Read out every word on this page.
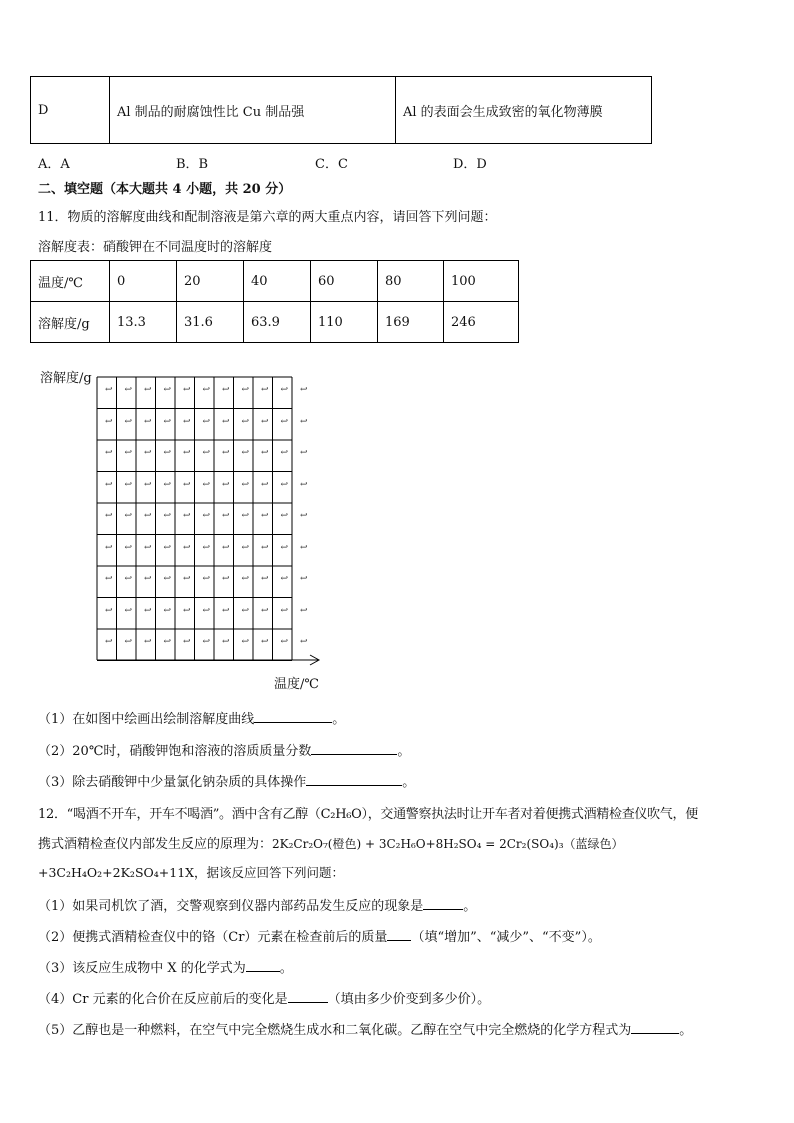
D	Al 制品的耐腐蚀性比 Cu 制品强	Al 的表面会生成致密的氧化物薄膜
A．A	B．B	C．C	D．D
二、填空题（本大题共 4 小题，共 20 分）
11．物质的溶解度曲线和配制溶液是第六章的两大重点内容，请回答下列问题：
溶解度表：硝酸钾在不同温度时的溶解度
温度/℃	0	20	40	60	80	100
溶解度/g	13.3	31.6	63.9	110	169	246
溶解度/g
↩ ↩ ↩ ↩ ↩ ↩ ↩ ↩ ↩ ↩ ↩
↩ ↩ ↩ ↩ ↩ ↩ ↩ ↩ ↩ ↩ ↩
↩ ↩ ↩ ↩ ↩ ↩ ↩ ↩ ↩ ↩ ↩
↩ ↩ ↩ ↩ ↩ ↩ ↩ ↩ ↩ ↩ ↩
↩ ↩ ↩ ↩ ↩ ↩ ↩ ↩ ↩ ↩ ↩
↩ ↩ ↩ ↩ ↩ ↩ ↩ ↩ ↩ ↩ ↩
↩ ↩ ↩ ↩ ↩ ↩ ↩ ↩ ↩ ↩ ↩
↩ ↩ ↩ ↩ ↩ ↩ ↩ ↩ ↩ ↩ ↩
↩ ↩ ↩ ↩ ↩ ↩ ↩ ↩ ↩ ↩ ↩
温度/℃
（1）在如图中绘画出绘制溶解度曲线	。
（2）20℃时，硝酸钾饱和溶液的溶质质量分数	。
（3）除去硝酸钾中少量氯化钠杂质的具体操作	。
12．“喝酒不开车，开车不喝酒”。酒中含有乙醇（C₂H₆O），交通警察执法时让开车者对着便携式酒精检查仪吹气，便
携式酒精检查仪内部发生反应的原理为：2K₂Cr₂O₇(橙色) + 3C₂H₆O+8H₂SO₄ = 2Cr₂(SO₄)₃（蓝绿色）
+3C₂H₄O₂+2K₂SO₄+11X，据该反应回答下列问题：
（1）如果司机饮了酒，交警观察到仪器内部药品发生反应的现象是	。
（2）便携式酒精检查仪中的铬（Cr）元素在检查前后的质量 （填“增加”、“减少”、“不变”）。
（3）该反应生成物中 X 的化学式为	。
（4）Cr 元素的化合价在反应前后的变化是	（填由多少价变到多少价）。
（5）乙醇也是一种燃料，在空气中完全燃烧生成水和二氧化碳。乙醇在空气中完全燃烧的化学方程式为	。
